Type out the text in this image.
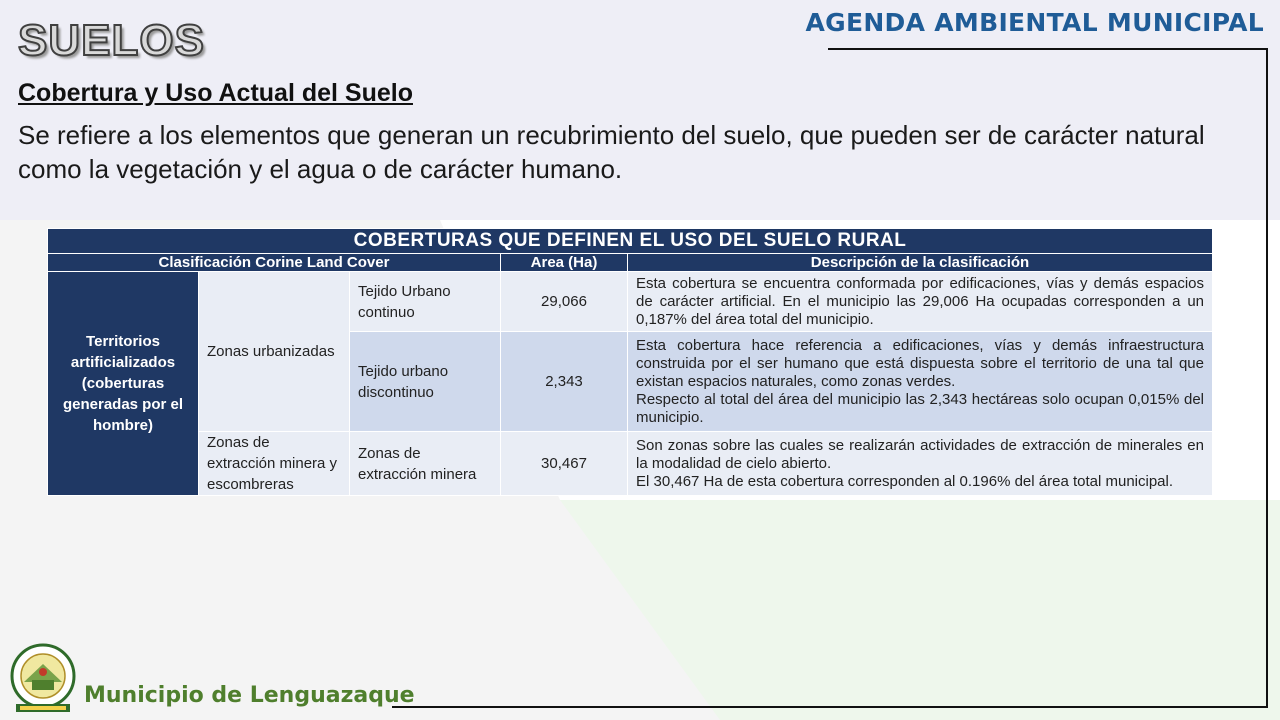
SUELOS	AGENDA AMBIENTAL MUNICIPAL
Cobertura y Uso Actual del Suelo
Se refiere a los elementos que generan un recubrimiento del suelo, que pueden ser de carácter natural como la vegetación y el agua o de carácter humano.
COBERTURAS QUE DEFINEN EL USO DEL SUELO RURAL				
Clasificación Corine Land Cover			Area (Ha)	Descripción de la clasificación
Territorios artificializados (coberturas generadas por el hombre)	Zonas urbanizadas	Tejido Urbano continuo	29,066	Esta cobertura se encuentra conformada por edificaciones, vías y demás espacios de carácter artificial. En el municipio las 29,006 Ha ocupadas corresponden a un 0,187% del área total del municipio.
		Tejido urbano discontinuo	2,343	Esta cobertura hace referencia a edificaciones, vías y demás infraestructura construida por el ser humano que está dispuesta sobre el territorio de una tal que existan espacios naturales, como zonas verdes.
Respecto al total del área del municipio las 2,343 hectáreas solo ocupan 0,015% del municipio.

	Zonas de extracción minera y escombreras	Zonas de extracción minera	30,467	Son zonas sobre las cuales se realizarán actividades de extracción de minerales en la modalidad de cielo abierto.
El 30,467 Ha de esta cobertura corresponden al 0.196% del área total municipal.
Municipio de Lenguazaque
